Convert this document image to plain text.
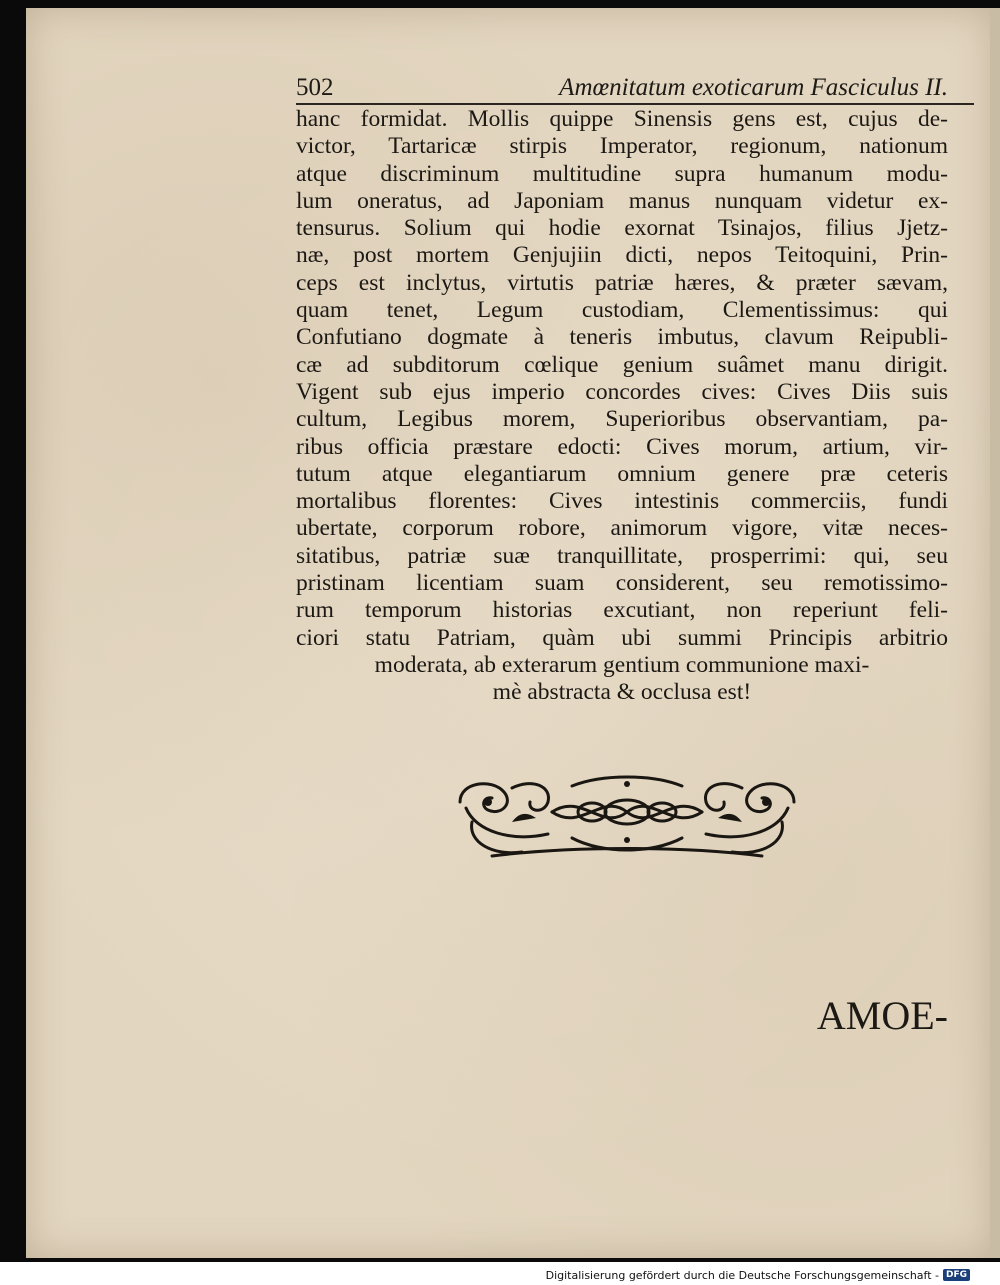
502	Amœnitatum exoticarum Fasciculus II.
hanc formidat. Mollis quippe Sinensis gens est, cujus de-
victor, Tartaricæ stirpis Imperator, regionum, nationum
atque discriminum multitudine supra humanum modu-
lum oneratus, ad Japoniam manus nunquam videtur ex-
tensurus. Solium qui hodie exornat Tsinajos, filius Jjetz-
næ, post mortem Genjujiin dicti, nepos Teitoquini, Prin-
ceps est inclytus, virtutis patriæ hæres, & præter sævam,
quam tenet, Legum custodiam, Clementissimus: qui
Confutiano dogmate à teneris imbutus, clavum Reipubli-
cæ ad subditorum cœlique genium suâmet manu dirigit.
Vigent sub ejus imperio concordes cives: Cives Diis suis
cultum, Legibus morem, Superioribus observantiam, pa-
ribus officia præstare edocti: Cives morum, artium, vir-
tutum atque elegantiarum omnium genere præ ceteris
mortalibus florentes: Cives intestinis commerciis, fundi
ubertate, corporum robore, animorum vigore, vitæ neces-
sitatibus, patriæ suæ tranquillitate, prosperrimi: qui, seu
pristinam licentiam suam considerent, seu remotissimo-
rum temporum historias excutiant, non reperiunt feli-
ciori statu Patriam, quàm ubi summi Principis arbitrio
moderata, ab exterarum gentium communione maxi-
mè abstracta & occlusa est!
AMOE-
Digitalisierung gefördert durch die Deutsche Forschungsgemeinschaft - DFG
